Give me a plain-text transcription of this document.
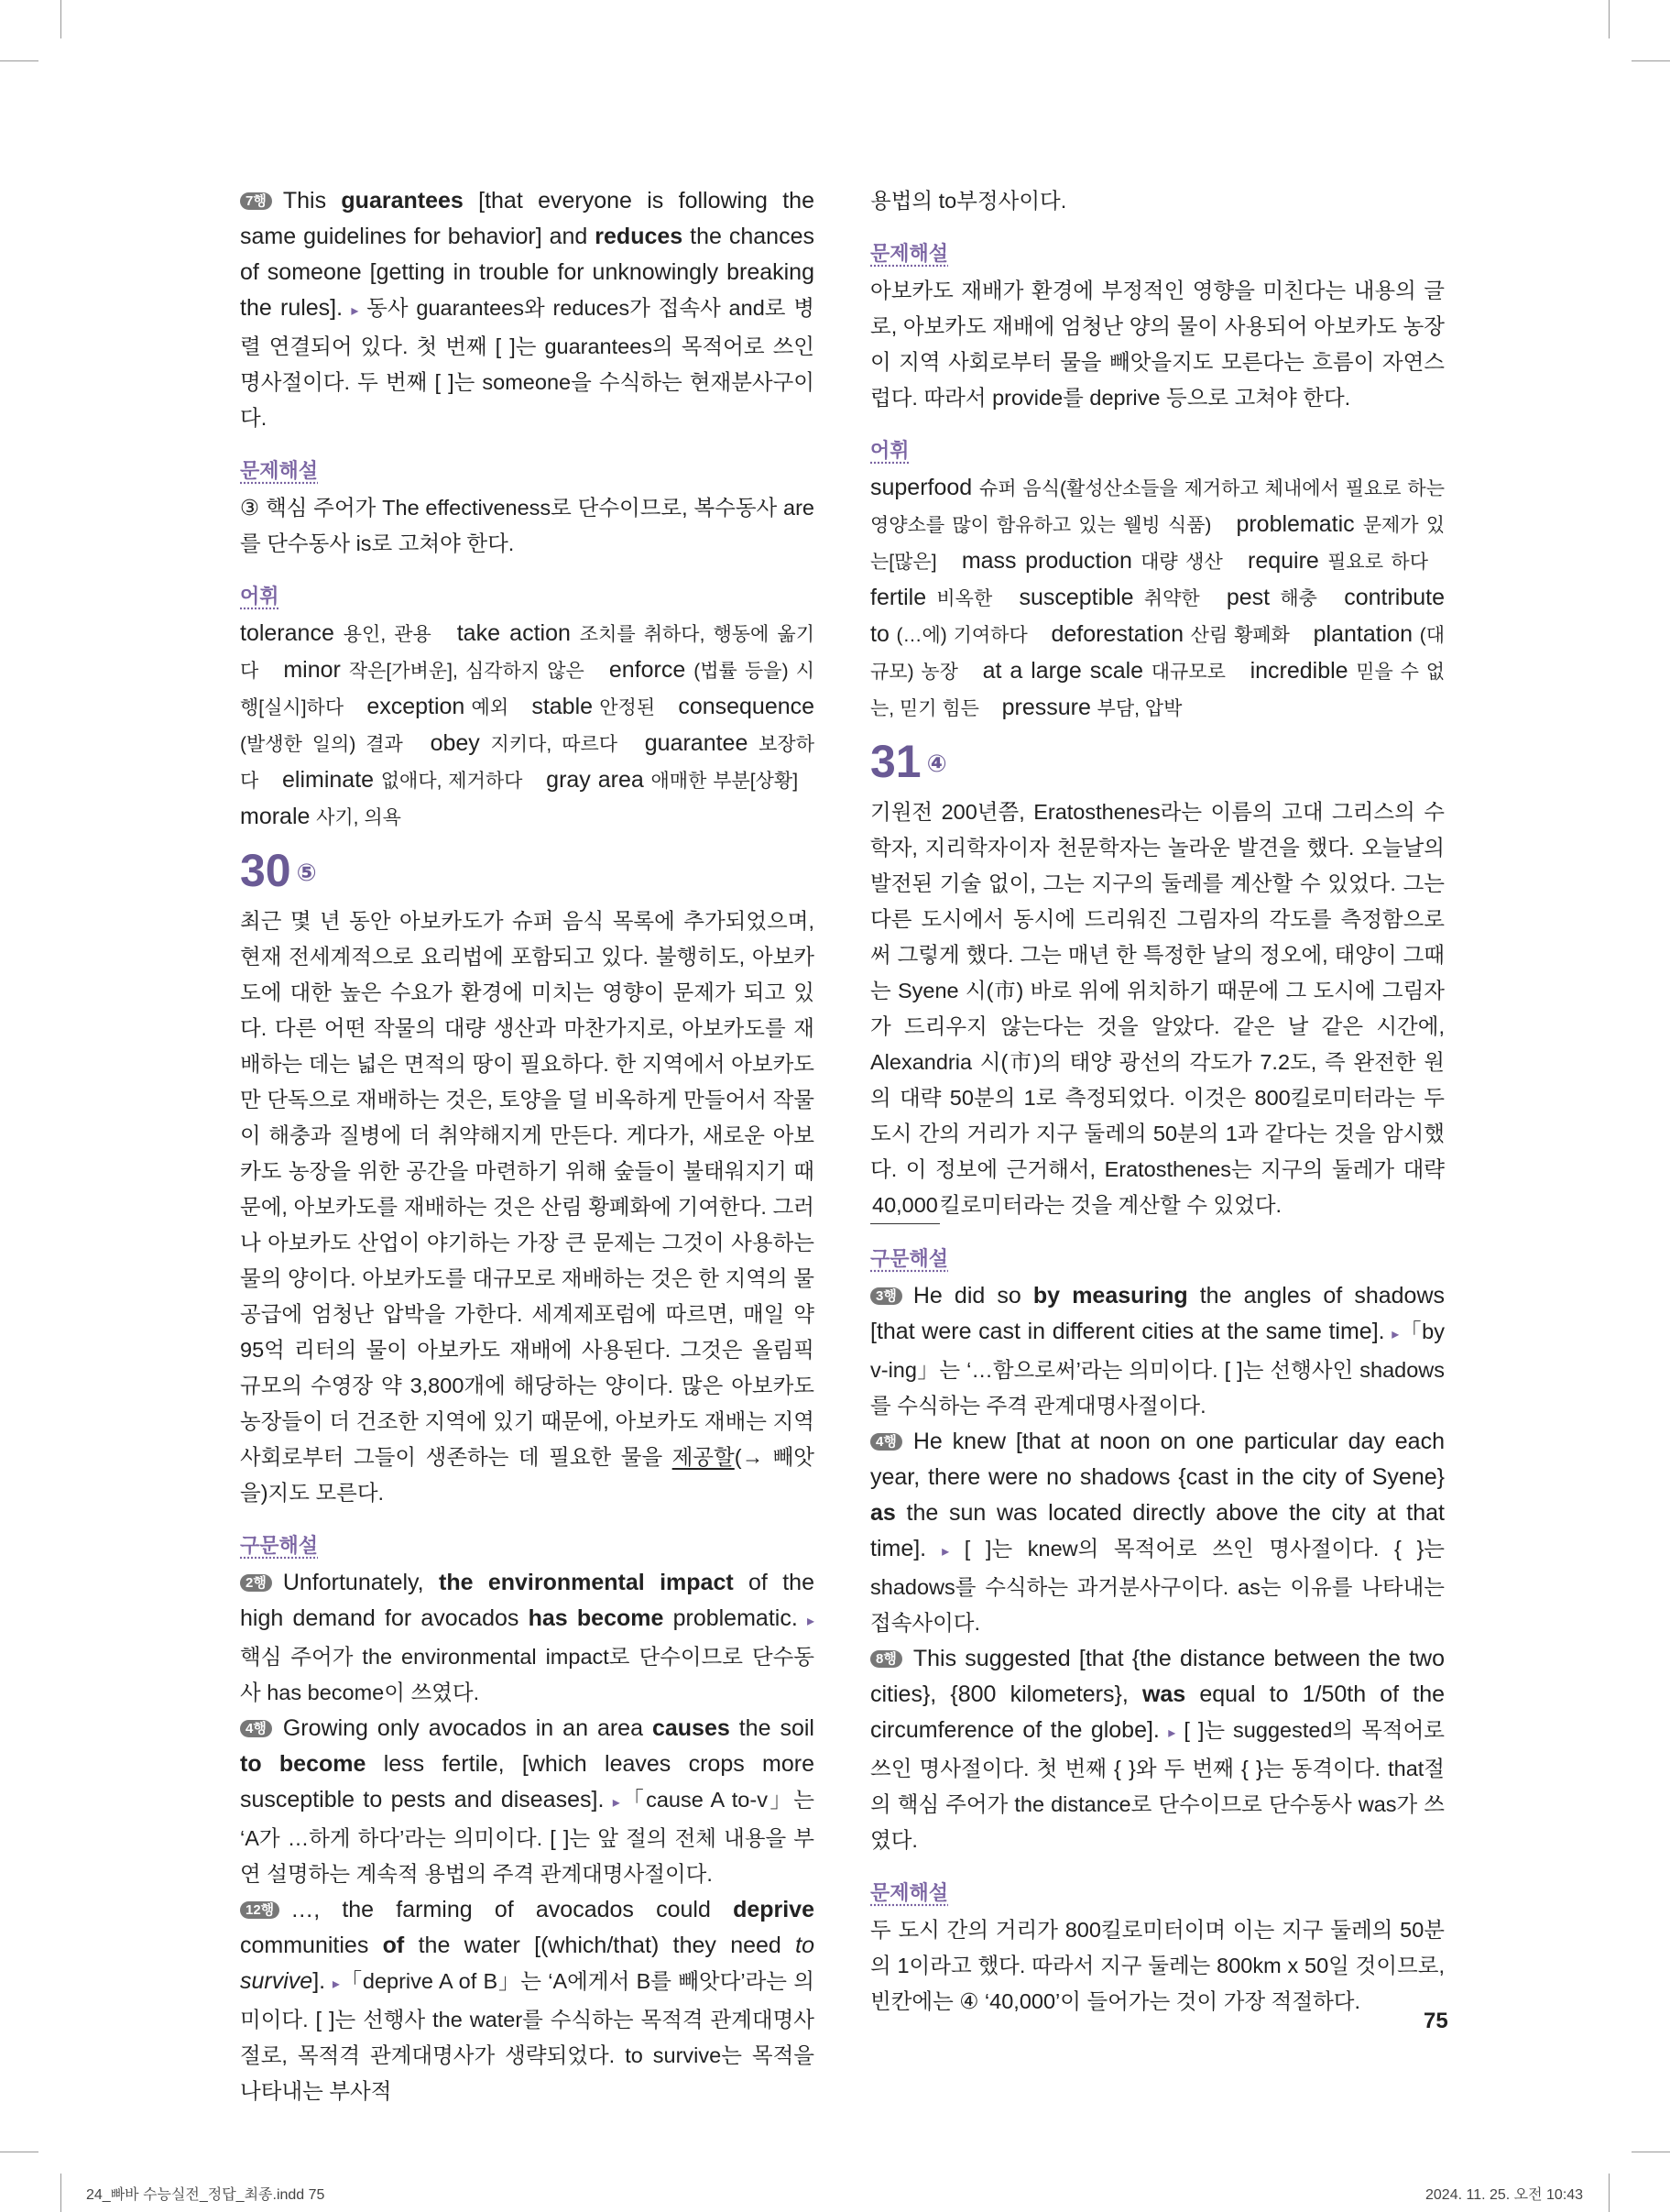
7행 This guarantees [that everyone is following the same guidelines for behavior] and reduces the chances of someone [getting in trouble for unknowingly breaking the rules]. ▸ 동사 guarantees와 reduces가 접속사 and로 병렬 연결되어 있다. 첫 번째 [ ]는 guarantees의 목적어로 쓰인 명사절이다. 두 번째 [ ]는 someone을 수식하는 현재분사구이다.

문제해설

③ 핵심 주어가 The effectiveness로 단수이므로, 복수동사 are를 단수동사 is로 고쳐야 한다.

어휘

tolerance 용인, 관용 take action 조치를 취하다, 행동에 옮기다 minor 작은[가벼운], 심각하지 않은 enforce (법률 등을) 시행[실시]하다 exception 예외 stable 안정된 consequence (발생한 일의) 결과 obey 지키다, 따르다 guarantee 보장하다 eliminate 없애다, 제거하다 gray area 애매한 부분[상황] morale 사기, 의욕

30 ⑤

최근 몇 년 동안 아보카도가 슈퍼 음식 목록에 추가되었으며, 현재 전세계적으로 요리법에 포함되고 있다. 불행히도, 아보카도에 대한 높은 수요가 환경에 미치는 영향이 문제가 되고 있다. 다른 어떤 작물의 대량 생산과 마찬가지로, 아보카도를 재배하는 데는 넓은 면적의 땅이 필요하다. 한 지역에서 아보카도만 단독으로 재배하는 것은, 토양을 덜 비옥하게 만들어서 작물이 해충과 질병에 더 취약해지게 만든다. 게다가, 새로운 아보카도 농장을 위한 공간을 마련하기 위해 숲들이 불태워지기 때문에, 아보카도를 재배하는 것은 산림 황폐화에 기여한다. 그러나 아보카도 산업이 야기하는 가장 큰 문제는 그것이 사용하는 물의 양이다. 아보카도를 대규모로 재배하는 것은 한 지역의 물 공급에 엄청난 압박을 가한다. 세계제포럼에 따르면, 매일 약 95억 리터의 물이 아보카도 재배에 사용된다. 그것은 올림픽 규모의 수영장 약 3,800개에 해당하는 양이다. 많은 아보카도 농장들이 더 건조한 지역에 있기 때문에, 아보카도 재배는 지역 사회로부터 그들이 생존하는 데 필요한 물을 제공할(→ 빼앗을)지도 모른다.

구문해설

2행 Unfortunately, the environmental impact of the high demand for avocados has become problematic. ▸ 핵심 주어가 the environmental impact로 단수이므로 단수동사 has become이 쓰였다.

4행 Growing only avocados in an area causes the soil to become less fertile, [which leaves crops more susceptible to pests and diseases]. ▸「cause A to-v」는 ‘A가 …하게 하다’라는 의미이다. [ ]는 앞 절의 전체 내용을 부연 설명하는 계속적 용법의 주격 관계대명사절이다.

12행 …, the farming of avocados could deprive communities of the water [(which/that) they need to survive]. ▸「deprive A of B」는 ‘A에게서 B를 빼앗다’라는 의미이다. [ ]는 선행사 the water를 수식하는 목적격 관계대명사절로, 목적격 관계대명사가 생략되었다. to survive는 목적을 나타내는 부사적

용법의 to부정사이다.

문제해설

아보카도 재배가 환경에 부정적인 영향을 미친다는 내용의 글로, 아보카도 재배에 엄청난 양의 물이 사용되어 아보카도 농장이 지역 사회로부터 물을 빼앗을지도 모른다는 흐름이 자연스럽다. 따라서 provide를 deprive 등으로 고쳐야 한다.

어휘

superfood 슈퍼 음식(활성산소들을 제거하고 체내에서 필요로 하는 영양소를 많이 함유하고 있는 웰빙 식품) problematic 문제가 있는[많은] mass production 대량 생산 require 필요로 하다 fertile 비옥한 susceptible 취약한 pest 해충 contribute to (…에) 기여하다 deforestation 산림 황폐화 plantation (대규모) 농장 at a large scale 대규모로 incredible 믿을 수 없는, 믿기 힘든 pressure 부담, 압박

31 ④

기원전 200년쯤, Eratosthenes라는 이름의 고대 그리스의 수학자, 지리학자이자 천문학자는 놀라운 발견을 했다. 오늘날의 발전된 기술 없이, 그는 지구의 둘레를 계산할 수 있었다. 그는 다른 도시에서 동시에 드리워진 그림자의 각도를 측정함으로써 그렇게 했다. 그는 매년 한 특정한 날의 정오에, 태양이 그때는 Syene 시(市) 바로 위에 위치하기 때문에 그 도시에 그림자가 드리우지 않는다는 것을 알았다. 같은 날 같은 시간에, Alexandria 시(市)의 태양 광선의 각도가 7.2도, 즉 완전한 원의 대략 50분의 1로 측정되었다. 이것은 800킬로미터라는 두 도시 간의 거리가 지구 둘레의 50분의 1과 같다는 것을 암시했다. 이 정보에 근거해서, Eratosthenes는 지구의 둘레가 대략 40,000킬로미터라는 것을 계산할 수 있었다.

구문해설

3행 He did so by measuring the angles of shadows [that were cast in different cities at the same time]. ▸「by v-ing」는 ‘…함으로써’라는 의미이다. [ ]는 선행사인 shadows를 수식하는 주격 관계대명사절이다.

4행 He knew [that at noon on one particular day each year, there were no shadows {cast in the city of Syene} as the sun was located directly above the city at that time]. ▸ [ ]는 knew의 목적어로 쓰인 명사절이다. { }는 shadows를 수식하는 과거분사구이다. as는 이유를 나타내는 접속사이다.

8행 This suggested [that {the distance between the two cities}, {800 kilometers}, was equal to 1/50th of the circumference of the globe]. ▸ [ ]는 suggested의 목적어로 쓰인 명사절이다. 첫 번째 { }와 두 번째 { }는 동격이다. that절의 핵심 주어가 the distance로 단수이므로 단수동사 was가 쓰였다.

문제해설

두 도시 간의 거리가 800킬로미터이며 이는 지구 둘레의 50분의 1이라고 했다. 따라서 지구 둘레는 800km x 50일 것이므로, 빈칸에는 ④ ‘40,000’이 들어가는 것이 가장 적절하다.

75
24_빠바 수능실전_정답_최종.indd 75	2024. 11. 25. 오전 10:43
